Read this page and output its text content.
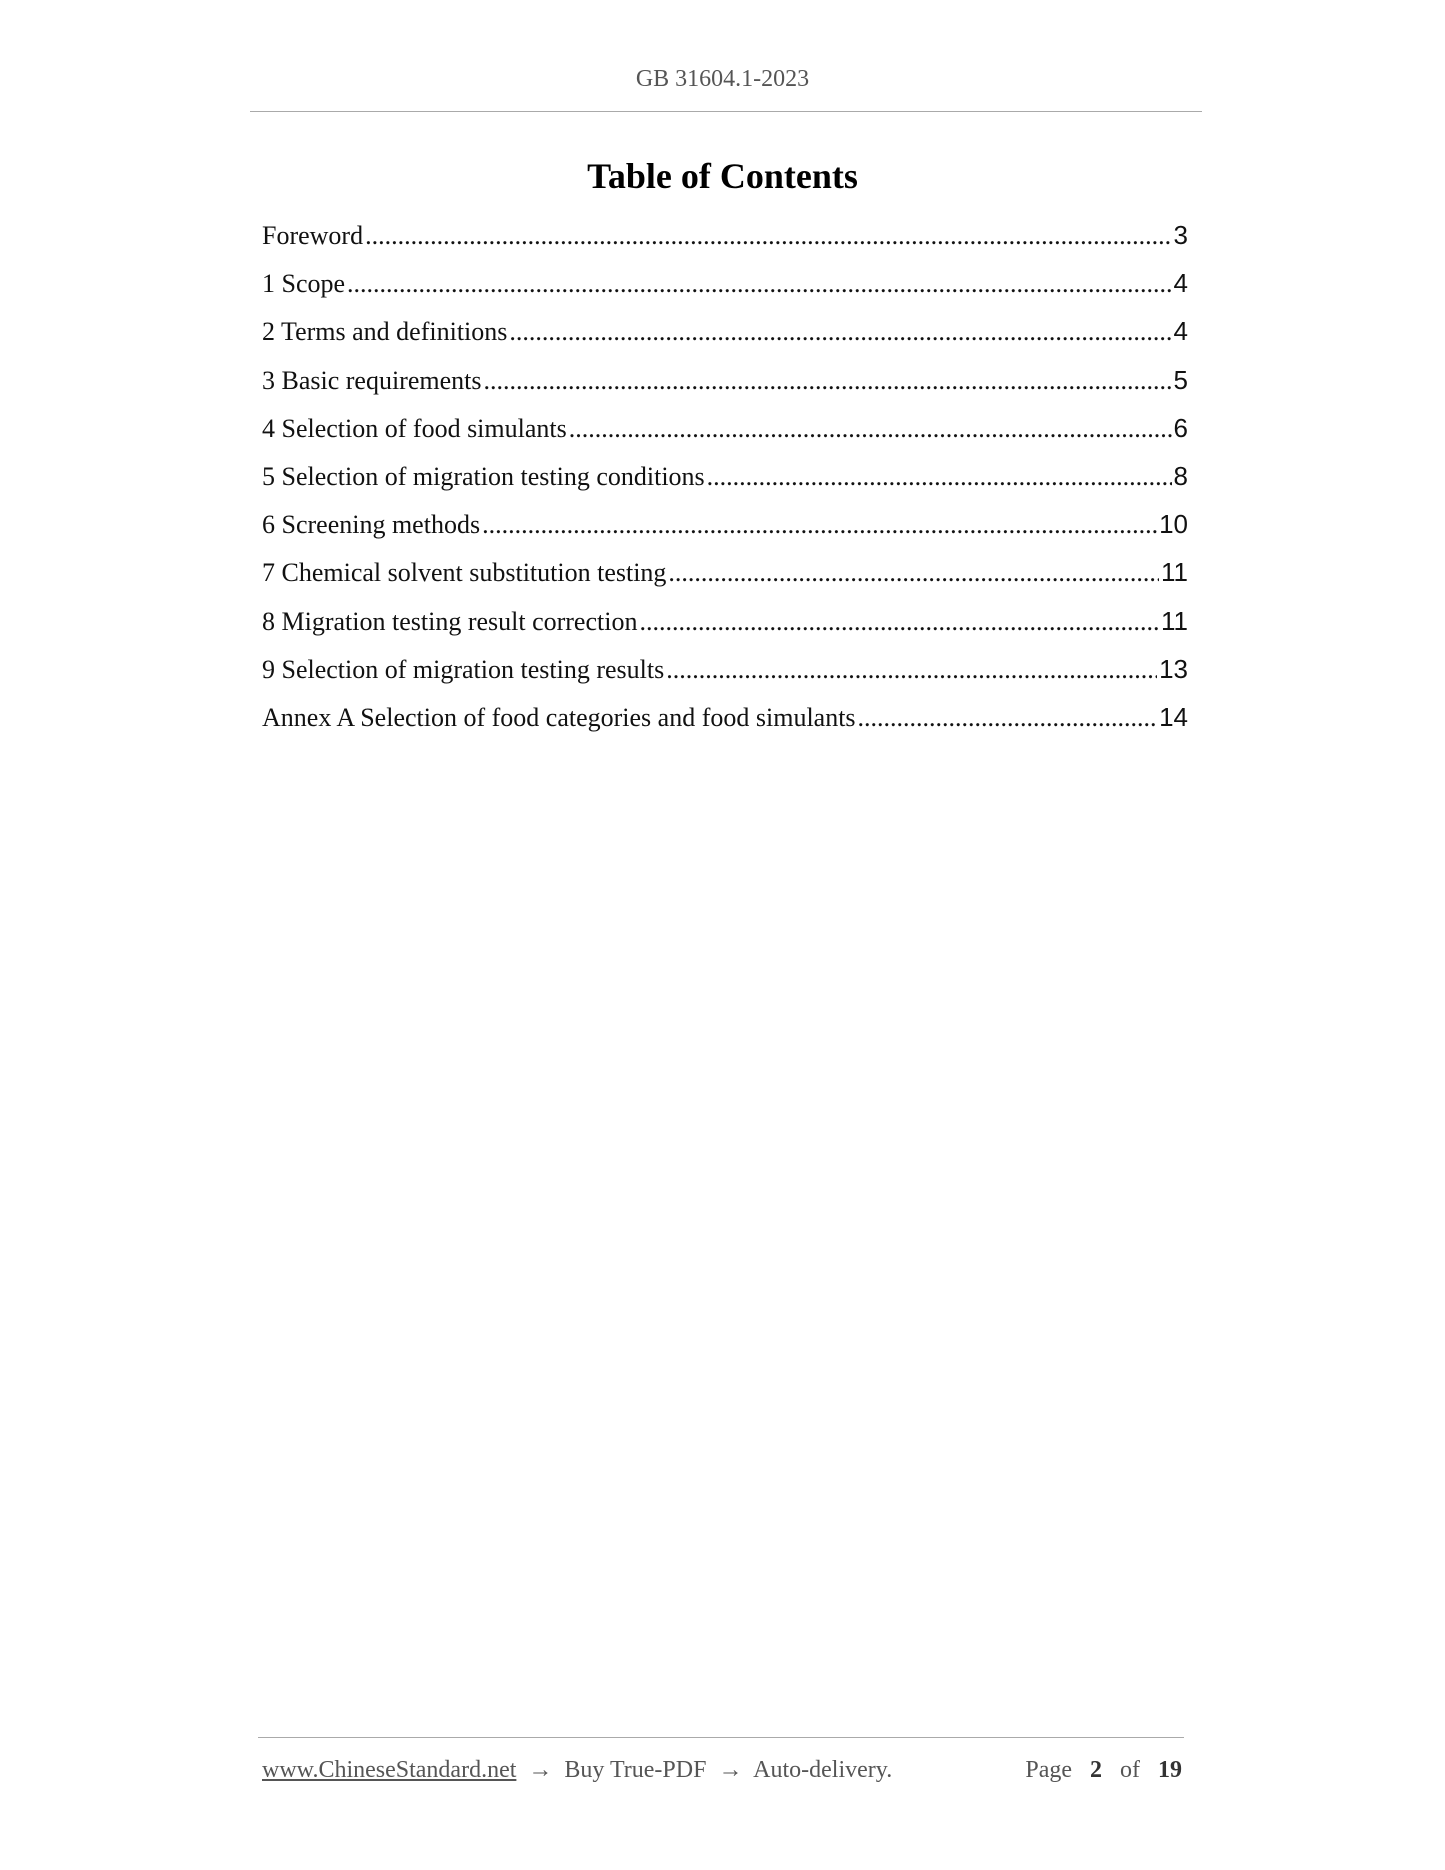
GB 31604.1-2023
Table of Contents
Foreword .....	3
1 Scope .....	4
2 Terms and definitions .....	4
3 Basic requirements .....	5
4 Selection of food simulants .....	6
5 Selection of migration testing conditions .....	8
6 Screening methods .....	10
7 Chemical solvent substitution testing .....	11
8 Migration testing result correction .....	11
9 Selection of migration testing results .....	13
Annex A Selection of food categories and food simulants .....	14
www.ChineseStandard.net → Buy True-PDF → Auto-delivery.	Page 2 of 19
